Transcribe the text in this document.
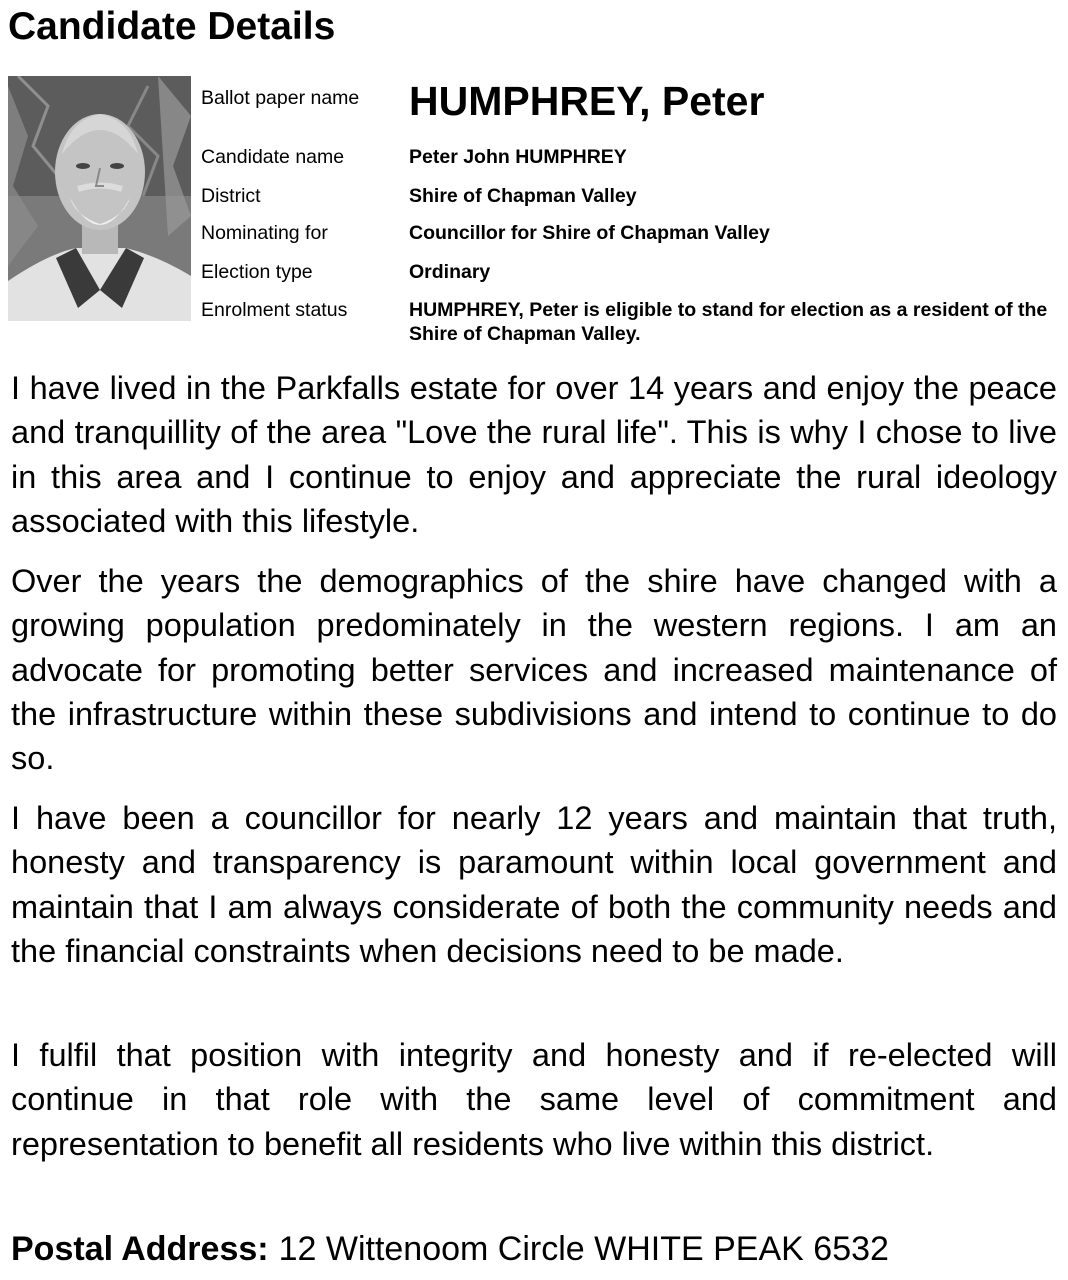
Candidate Details
Ballot paper name HUMPHREY, Peter
Candidate name	Peter John HUMPHREY
District	Shire of Chapman Valley
Nominating for	Councillor for Shire of Chapman Valley
Election type	Ordinary
Enrolment status	HUMPHREY, Peter is eligible to stand for election as a resident of the Shire of Chapman Valley.

I have lived in the Parkfalls estate for over 14 years and enjoy the peace and tranquillity of the area "Love the rural life". This is why I chose to live in this area and I continue to enjoy and appreciate the rural ideology associated with this lifestyle.

Over the years the demographics of the shire have changed with a growing population predominately in the western regions. I am an advocate for promoting better services and increased maintenance of the infrastructure within these subdivisions and intend to continue to do so.

I have been a councillor for nearly 12 years and maintain that truth, honesty and transparency is paramount within local government and maintain that I am always considerate of both the community needs and the financial constraints when decisions need to be made.

I fulfil that position with integrity and honesty and if re-elected will continue in that role with the same level of commitment and representation to benefit all residents who live within this district.

Postal Address: 12 Wittenoom Circle WHITE PEAK 6532
